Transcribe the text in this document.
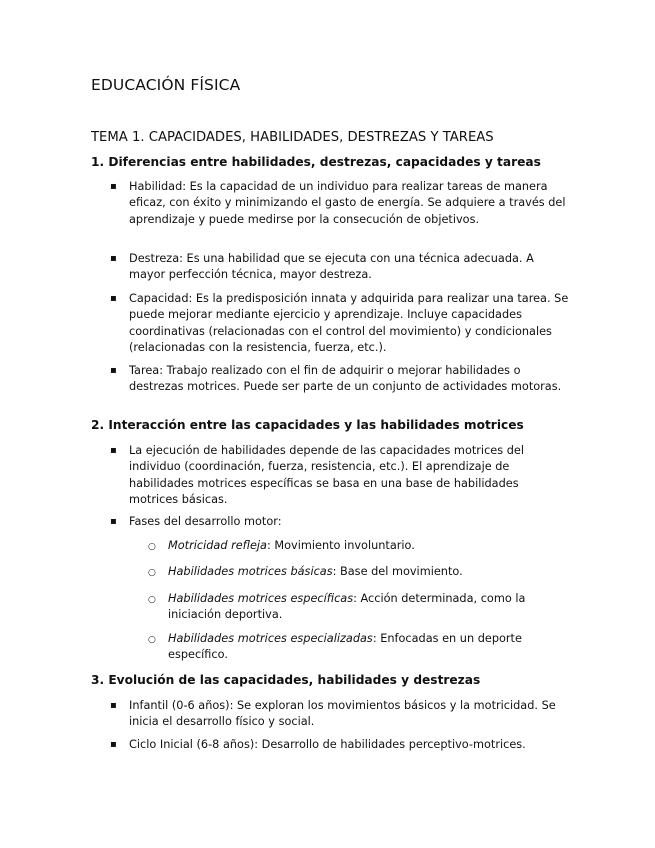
EDUCACIÓN FÍSICA
TEMA 1. CAPACIDADES, HABILIDADES, DESTREZAS Y TAREAS
1. Diferencias entre habilidades, destrezas, capacidades y tareas
▪ Habilidad: Es la capacidad de un individuo para realizar tareas de manera eficaz, con éxito y minimizando el gasto de energía. Se adquiere a través del aprendizaje y puede medirse por la consecución de objetivos.
▪ Destreza: Es una habilidad que se ejecuta con una técnica adecuada. A mayor perfección técnica, mayor destreza.
▪ Capacidad: Es la predisposición innata y adquirida para realizar una tarea. Se puede mejorar mediante ejercicio y aprendizaje. Incluye capacidades coordinativas (relacionadas con el control del movimiento) y condicionales (relacionadas con la resistencia, fuerza, etc.).
▪ Tarea: Trabajo realizado con el fin de adquirir o mejorar habilidades o destrezas motrices. Puede ser parte de un conjunto de actividades motoras.
2. Interacción entre las capacidades y las habilidades motrices
▪ La ejecución de habilidades depende de las capacidades motrices del individuo (coordinación, fuerza, resistencia, etc.). El aprendizaje de habilidades motrices específicas se basa en una base de habilidades motrices básicas.
▪ Fases del desarrollo motor:
○ Motricidad refleja: Movimiento involuntario.
○ Habilidades motrices básicas: Base del movimiento.
○ Habilidades motrices específicas: Acción determinada, como la iniciación deportiva.
○ Habilidades motrices especializadas: Enfocadas en un deporte específico.
3. Evolución de las capacidades, habilidades y destrezas
▪ Infantil (0-6 años): Se exploran los movimientos básicos y la motricidad. Se inicia el desarrollo físico y social.
▪ Ciclo Inicial (6-8 años): Desarrollo de habilidades perceptivo-motrices.
